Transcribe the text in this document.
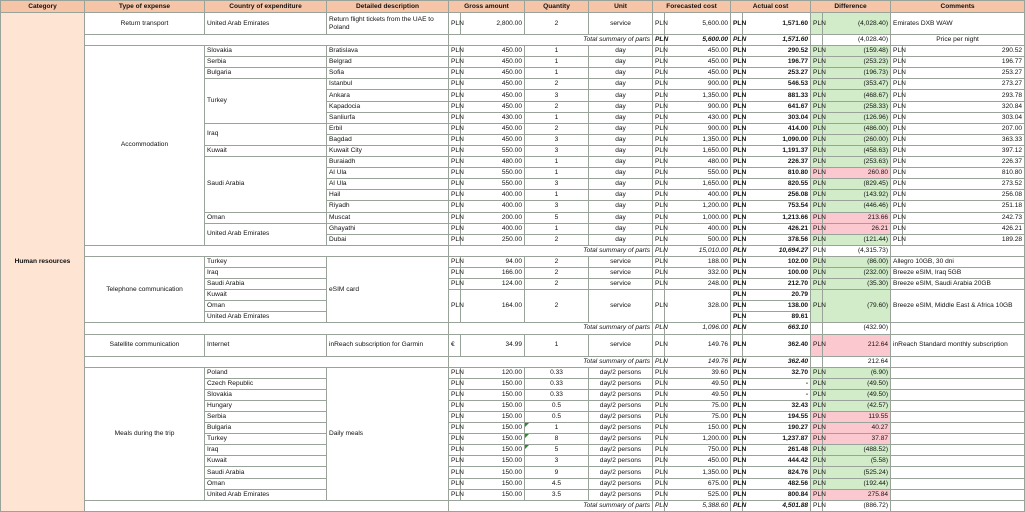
Category	Type of expense	Country of expenditure	Detailed description	Gross amount		Quantity	Unit	Forecasted cost		Actual cost		Difference		Comments	
Human resources	Return transport	United Arab Emirates	Return flight tickets from the UAE to Poland	PLN	2,800.00	2	service	PLN	5,600.00	PLN	1,571.60	PLN	(4,028.40)	Emirates DXB WAW	
				Total summary of parts				PLN	5,600.00	PLN	1,571.60		(4,028.40)	Price per night	
	Accommodation	Slovakia	Bratislava	PLN	450.00	1	day	PLN	450.00	PLN	290.52	PLN	(159.48)	PLN	290.52
		Serbia	Belgrad	PLN	450.00	1	day	PLN	450.00	PLN	196.77	PLN	(253.23)	PLN	196.77
		Bulgaria	Sofia	PLN	450.00	1	day	PLN	450.00	PLN	253.27	PLN	(196.73)	PLN	253.27
		Turkey	Istanbul	PLN	450.00	2	day	PLN	900.00	PLN	546.53	PLN	(353.47)	PLN	273.27
			Ankara	PLN	450.00	3	day	PLN	1,350.00	PLN	881.33	PLN	(468.67)	PLN	293.78
			Kapadocia	PLN	450.00	2	day	PLN	900.00	PLN	641.67	PLN	(258.33)	PLN	320.84
			Sanliurfa	PLN	430.00	1	day	PLN	430.00	PLN	303.04	PLN	(126.96)	PLN	303.04
		Iraq	Erbil	PLN	450.00	2	day	PLN	900.00	PLN	414.00	PLN	(486.00)	PLN	207.00
			Bagdad	PLN	450.00	3	day	PLN	1,350.00	PLN	1,090.00	PLN	(260.00)	PLN	363.33
		Kuwait	Kuwait City	PLN	550.00	3	day	PLN	1,650.00	PLN	1,191.37	PLN	(458.63)	PLN	397.12
		Saudi Arabia	Buraiadh	PLN	480.00	1	day	PLN	480.00	PLN	226.37	PLN	(253.63)	PLN	226.37
			Al Ula	PLN	550.00	1	day	PLN	550.00	PLN	810.80	PLN	260.80	PLN	810.80
			Al Ula	PLN	550.00	3	day	PLN	1,650.00	PLN	820.55	PLN	(829.45)	PLN	273.52
			Hail	PLN	400.00	1	day	PLN	400.00	PLN	256.08	PLN	(143.92)	PLN	256.08
			Riyadh	PLN	400.00	3	day	PLN	1,200.00	PLN	753.54	PLN	(446.46)	PLN	251.18
		Oman	Muscat	PLN	200.00	5	day	PLN	1,000.00	PLN	1,213.66	PLN	213.66	PLN	242.73
		United Arab Emirates	Ghayathi	PLN	400.00	1	day	PLN	400.00	PLN	426.21	PLN	26.21	PLN	426.21
			Dubai	PLN	250.00	2	day	PLN	500.00	PLN	378.56	PLN	(121.44)	PLN	189.28
				Total summary of parts				PLN	15,010.00	PLN	10,694.27	PLN	(4,315.73)		
	Telephone communication	Turkey	eSIM card	PLN	94.00	2	service	PLN	188.00	PLN	102.00	PLN	(86.00)	Allegro 10GB, 30 dni	
		Iraq		PLN	166.00	2	service	PLN	332.00	PLN	100.00	PLN	(232.00)	Breeze eSIM, Iraq 5GB	
		Saudi Arabia		PLN	124.00	2	service	PLN	248.00	PLN	212.70	PLN	(35.30)	Breeze eSIM, Saudi Arabia 20GB	
		Kuwait		PLN	164.00	2	service	PLN	328.00	PLN	20.79	PLN	(79.60)	Breeze eSIM, Middle East & Africa 10GB	
		Oman								PLN	138.00				
		United Arab Emirates								PLN	89.61				
				Total summary of parts				PLN	1,096.00	PLN	663.10		(432.90)		
	Satellite communication	Internet	inReach subscription for Garmin	€	34.99	1	service	PLN	149.76	PLN	362.40	PLN	212.64	inReach Standard monthly subscription	
				Total summary of parts				PLN	149.76	PLN	362.40		212.64		
	Meals during the trip	Poland	Daily meals	PLN	120.00	0.33	day/2 persons	PLN	39.60	PLN	32.70	PLN	(6.90)		
		Czech Republic		PLN	150.00	0.33	day/2 persons	PLN	49.50	PLN	-	PLN	(49.50)		
		Slovakia		PLN	150.00	0.33	day/2 persons	PLN	49.50	PLN	-	PLN	(49.50)		
		Hungary		PLN	150.00	0.5	day/2 persons	PLN	75.00	PLN	32.43	PLN	(42.57)		
		Serbia		PLN	150.00	0.5	day/2 persons	PLN	75.00	PLN	194.55	PLN	119.55		
		Bulgaria		PLN	150.00	1	day/2 persons	PLN	150.00	PLN	190.27	PLN	40.27		
		Turkey		PLN	150.00	8	day/2 persons	PLN	1,200.00	PLN	1,237.87	PLN	37.87		
		Iraq		PLN	150.00	5	day/2 persons	PLN	750.00	PLN	261.48	PLN	(488.52)		
		Kuwait		PLN	150.00	3	day/2 persons	PLN	450.00	PLN	444.42	PLN	(5.58)		
		Saudi Arabia		PLN	150.00	9	day/2 persons	PLN	1,350.00	PLN	824.76	PLN	(525.24)		
		Oman		PLN	150.00	4.5	day/2 persons	PLN	675.00	PLN	482.56	PLN	(192.44)		
		United Arab Emirates		PLN	150.00	3.5	day/2 persons	PLN	525.00	PLN	800.84	PLN	275.84		
				Total summary of parts				PLN	5,388.60	PLN	4,501.88	PLN	(886.72)		
